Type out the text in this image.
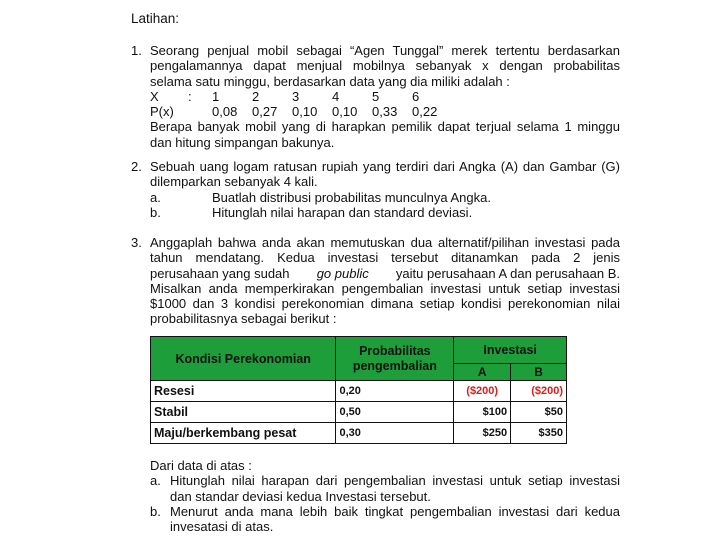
Latihan:
1. Seorang penjual mobil sebagai “Agen Tunggal” merek tertentu berdasarkan
pengalamannya dapat menjual mobilnya sebanyak x dengan probabilitas
selama satu minggu, berdasarkan data yang dia miliki adalah :
X	:	1	2	3	4	5	6
P(x)	0,08	0,27	0,10	0,10	0,33	0,22
Berapa banyak mobil yang di harapkan pemilik dapat terjual selama 1 minggu
dan hitung simpangan bakunya.
2. Sebuah uang logam ratusan rupiah yang terdiri dari Angka (A) dan Gambar (G)
dilemparkan sebanyak 4 kali.
a.	Buatlah distribusi probabilitas munculnya Angka.
b.	Hitunglah nilai harapan dan standard deviasi.
3. Anggaplah bahwa anda akan memutuskan dua alternatif/pilihan investasi pada
tahun mendatang. Kedua investasi tersebut ditanamkan pada 2 jenis
perusahaan yang sudah go public yaitu perusahaan A dan perusahaan B.
Misalkan anda memperkirakan pengembalian investasi untuk setiap investasi
$1000 dan 3 kondisi perekonomian dimana setiap kondisi perekonomian nilai
probabilitasnya sebagai berikut :
Kondisi Perekonomian	Probabilitas pengembalian	Investasi	
		A	B
Resesi	0,20	($200)	($200)
Stabil	0,50	$100	$50
Maju/berkembang pesat	0,30	$250	$350
Dari data di atas :
a. Hitunglah nilai harapan dari pengembalian investasi untuk setiap investasi
dan standar deviasi kedua Investasi tersebut.
b. Menurut anda mana lebih baik tingkat pengembalian investasi dari kedua
invesatasi di atas.
